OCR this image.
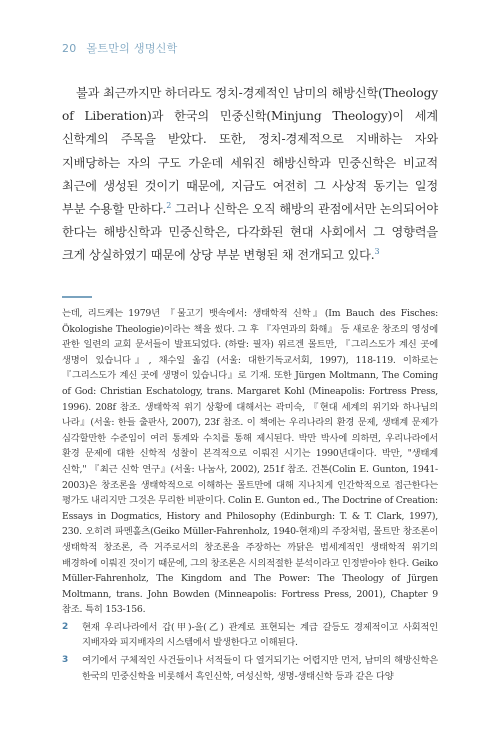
20 몰트만의 생명신학

불과 최근까지만 하더라도 정치-경제적인 남미의 해방신학(Theology of Liberation)과 한국의 민중신학(Minjung Theology)이 세계 신학계의 주목을 받았다. 또한, 정치-경제적으로 지배하는 자와 지배당하는 자의 구도 가운데 세워진 해방신학과 민중신학은 비교적 최근에 생성된 것이기 때문에, 지금도 여전히 그 사상적 동기는 일정 부분 수용할 만하다.$^2$ 그러나 신학은 오직 해방의 관점에서만 논의되어야 한다는 해방신학과 민중신학은, 다각화된 현대 사회에서 그 영향력을 크게 상실하였기 때문에 상당 부분 변형된 채 전개되고 있다.$^3$

는데, 리드케는 1979년 『물고기 뱃속에서: 생태학적 신학』(Im Bauch des Fisches: Ökologishe Theologie)이라는 책을 썼다. 그 후 『자연과의 화해』 등 새로운 창조의 영성에 관한 일련의 교회 문서들이 발표되었다. (하랄: 필자) 위르겐 몰트만, 『그리스도가 계신 곳에 생명이 있습니다』, 채수일 옮김 (서울: 대한기독교서회, 1997), 118-119. 이하로는 『그리스도가 계신 곳에 생명이 있습니다』로 기재. 또한 Jürgen Moltmann, The Coming of God: Christian Eschatology, trans. Margaret Kohl (Mineapolis: Fortress Press, 1996). 208f 참조. 생태학적 위기 상황에 대해서는 곽미숙, 『현대 세계의 위기와 하나님의 나라』(서울: 한들 출판사, 2007), 23f 참조. 이 책에는 우리나라의 환경 문제, 생태계 문제가 심각할만한 수준임이 여러 통계와 수치를 통해 제시된다. 박만 박사에 의하면, 우리나라에서 환경 문제에 대한 신학적 성찰이 본격적으로 이뤄진 시기는 1990년대이다. 박만, "생태계 신학," 『최근 신학 연구』(서울: 나눔사, 2002), 251f 참조. 건톤(Colin E. Gunton, 1941-2003)은 창조론을 생태학적으로 이해하는 몰트만에 대해 지나치게 인간학적으로 접근한다는 평가도 내리지만 그것은 무리한 비판이다. Colin E. Gunton ed., The Doctrine of Creation: Essays in Dogmatics, History and Philosophy (Edinburgh: T. & T. Clark, 1997), 230. 오히려 파멘홀츠(Geiko Müller-Fahrenholz, 1940-현재)의 주장처럼, 몰트만 창조론이 생태학적 창조론, 즉 거주로서의 창조론을 주장하는 까닭은 범세계적인 생태학적 위기의 배경하에 이뤄진 것이기 때문에, 그의 창조론은 시의적절한 분석이라고 인정받아야 한다. Geiko Müller-Fahrenholz, The Kingdom and The Power: The Theology of Jürgen Moltmann, trans. John Bowden (Minneapolis: Fortress Press, 2001), Chapter 9 참조. 특히 153-156.
2 현재 우리나라에서 갑(甲)-을(乙) 관계로 표현되는 계급 갈등도 경제적이고 사회적인 지배자와 피지배자의 시스템에서 발생한다고 이해된다.
3 여기에서 구체적인 사건들이나 서적들이 다 열거되기는 어렵지만 먼저, 남미의 해방신학은 한국의 민중신학을 비롯해서 흑인신학, 여성신학, 생명-생태신학 등과 같은 다양
